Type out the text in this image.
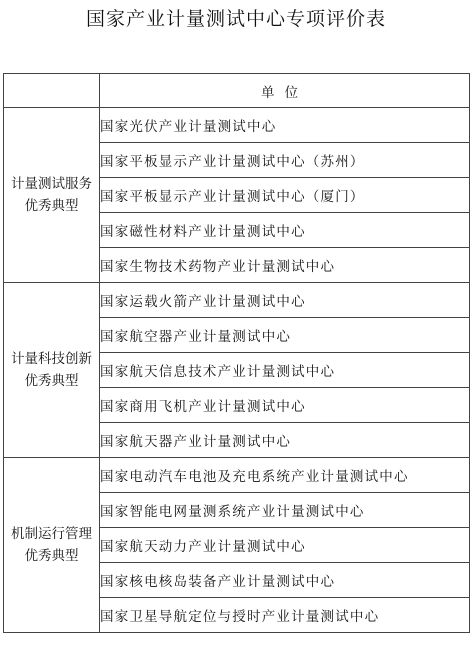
国家产业计量测试中心专项评价表
	单位

计量测试服务
优秀典型	国家光伏产业计量测试中心
	国家平板显示产业计量测试中心（苏州）
	国家平板显示产业计量测试中心（厦门）
	国家磁性材料产业计量测试中心
	国家生物技术药物产业计量测试中心

计量科技创新
优秀典型	国家运载火箭产业计量测试中心
	国家航空器产业计量测试中心
	国家航天信息技术产业计量测试中心
	国家商用飞机产业计量测试中心
	国家航天器产业计量测试中心

机制运行管理
优秀典型	国家电动汽车电池及充电系统产业计量测试中心
	国家智能电网量测系统产业计量测试中心
	国家航天动力产业计量测试中心
	国家核电核岛装备产业计量测试中心
	国家卫星导航定位与授时产业计量测试中心
